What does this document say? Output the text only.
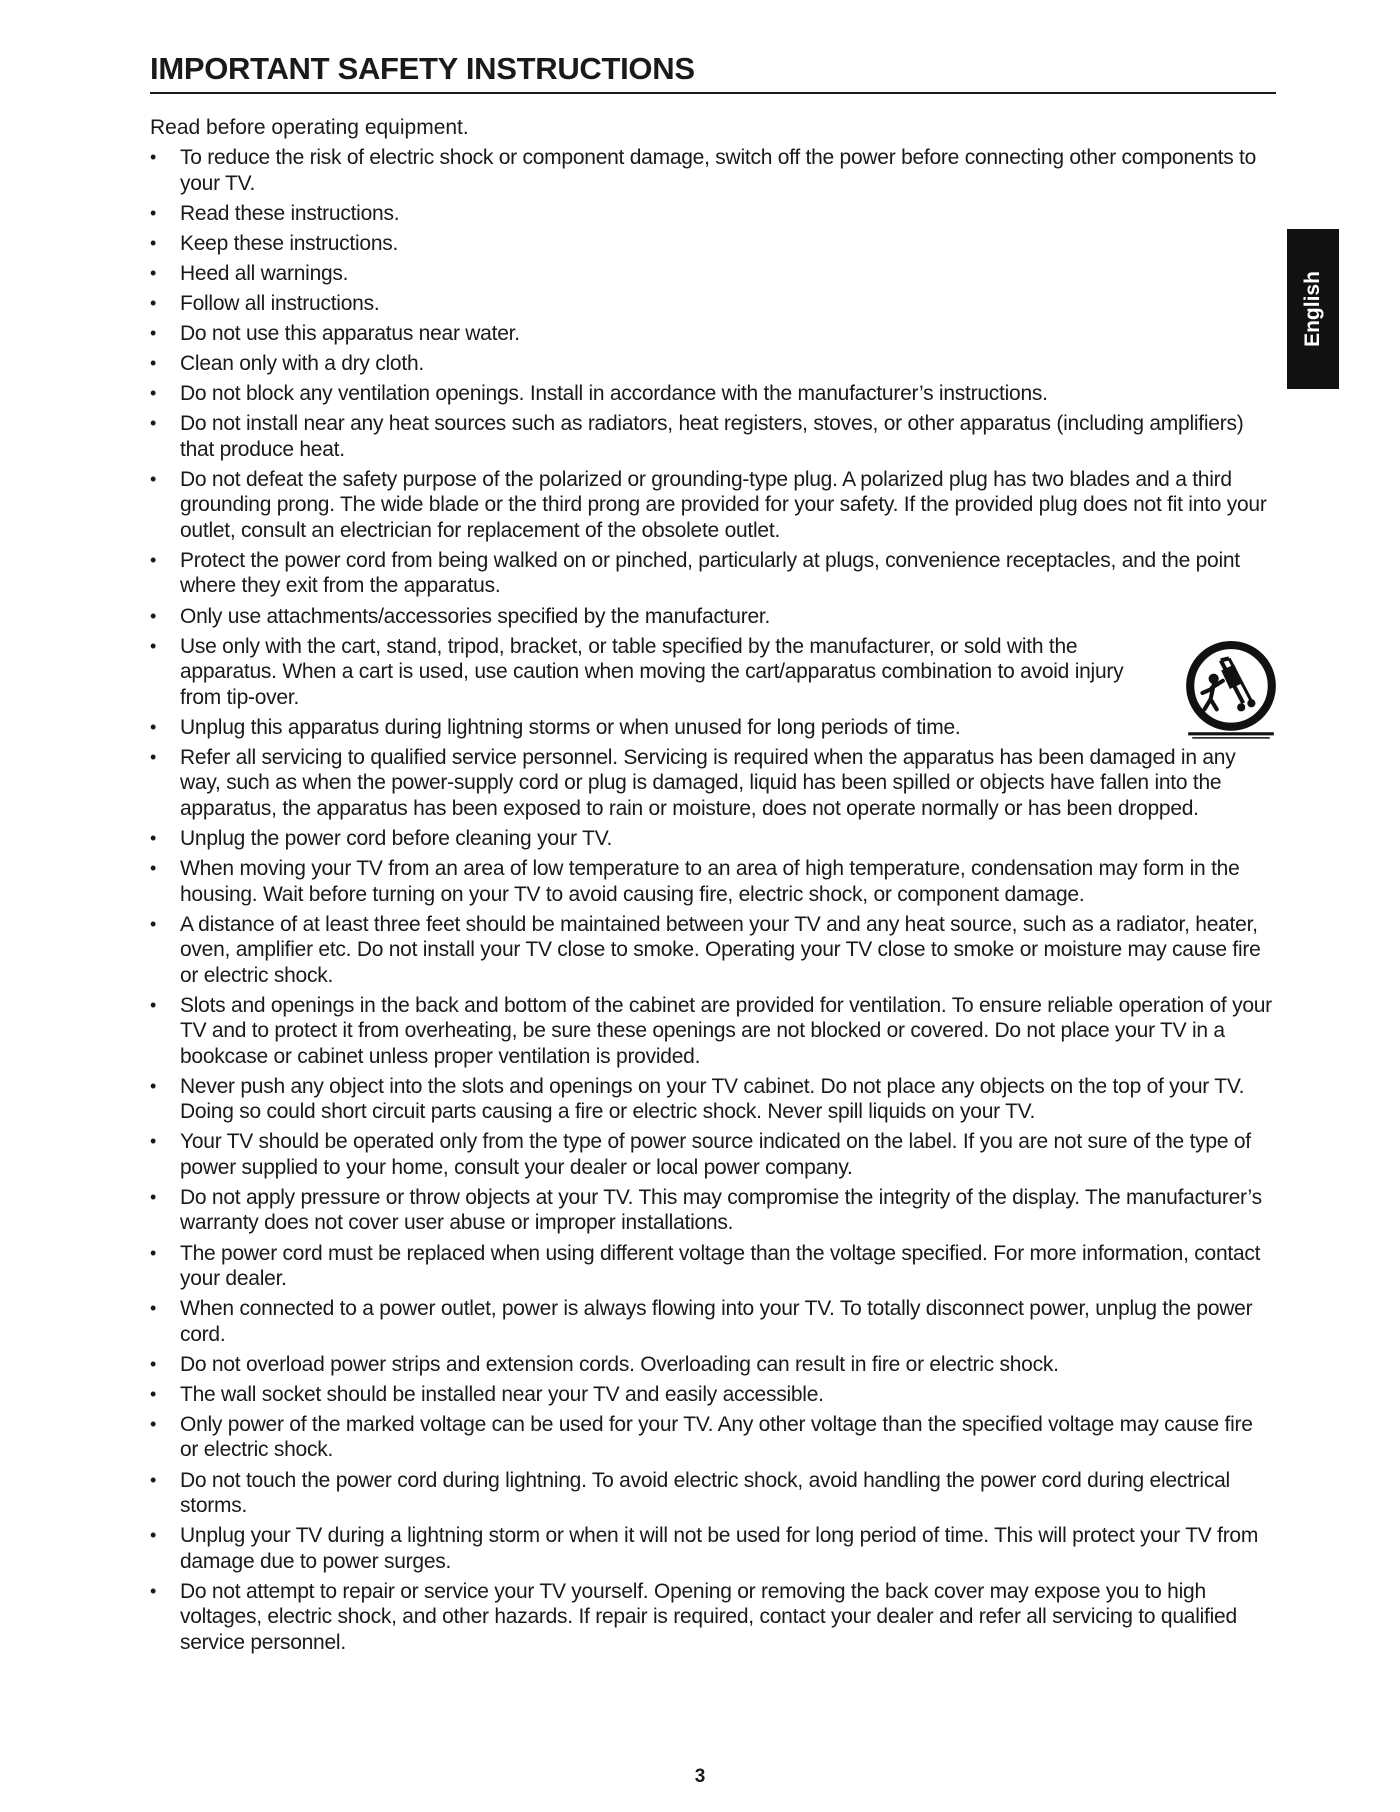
IMPORTANT SAFETY INSTRUCTIONS

Read before operating equipment.

• To reduce the risk of electric shock or component damage, switch off the power before connecting other components to your TV.
• Read these instructions.
• Keep these instructions.
• Heed all warnings.
• Follow all instructions.
• Do not use this apparatus near water.
• Clean only with a dry cloth.
• Do not block any ventilation openings. Install in accordance with the manufacturer’s instructions.
• Do not install near any heat sources such as radiators, heat registers, stoves, or other apparatus (including amplifiers) that produce heat.
• Do not defeat the safety purpose of the polarized or grounding-type plug. A polarized plug has two blades and a third grounding prong. The wide blade or the third prong are provided for your safety. If the provided plug does not fit into your outlet, consult an electrician for replacement of the obsolete outlet.
• Protect the power cord from being walked on or pinched, particularly at plugs, convenience receptacles, and the point where they exit from the apparatus.
• Only use attachments/accessories specified by the manufacturer.
• Use only with the cart, stand, tripod, bracket, or table specified by the manufacturer, or sold with the apparatus. When a cart is used, use caution when moving the cart/apparatus combination to avoid injury from tip-over.
• Unplug this apparatus during lightning storms or when unused for long periods of time.
• Refer all servicing to qualified service personnel. Servicing is required when the apparatus has been damaged in any way, such as when the power-supply cord or plug is damaged, liquid has been spilled or objects have fallen into the apparatus, the apparatus has been exposed to rain or moisture, does not operate normally or has been dropped.
• Unplug the power cord before cleaning your TV.
• When moving your TV from an area of low temperature to an area of high temperature, condensation may form in the housing. Wait before turning on your TV to avoid causing fire, electric shock, or component damage.
• A distance of at least three feet should be maintained between your TV and any heat source, such as a radiator, heater, oven, amplifier etc. Do not install your TV close to smoke. Operating your TV close to smoke or moisture may cause fire or electric shock.
• Slots and openings in the back and bottom of the cabinet are provided for ventilation. To ensure reliable operation of your TV and to protect it from overheating, be sure these openings are not blocked or covered. Do not place your TV in a bookcase or cabinet unless proper ventilation is provided.
• Never push any object into the slots and openings on your TV cabinet. Do not place any objects on the top of your TV. Doing so could short circuit parts causing a fire or electric shock. Never spill liquids on your TV.
• Your TV should be operated only from the type of power source indicated on the label. If you are not sure of the type of power supplied to your home, consult your dealer or local power company.
• Do not apply pressure or throw objects at your TV. This may compromise the integrity of the display. The manufacturer’s warranty does not cover user abuse or improper installations.
• The power cord must be replaced when using different voltage than the voltage specified. For more information, contact your dealer.
• When connected to a power outlet, power is always flowing into your TV. To totally disconnect power, unplug the power cord.
• Do not overload power strips and extension cords. Overloading can result in fire or electric shock.
• The wall socket should be installed near your TV and easily accessible.
• Only power of the marked voltage can be used for your TV. Any other voltage than the specified voltage may cause fire or electric shock.
• Do not touch the power cord during lightning. To avoid electric shock, avoid handling the power cord during electrical storms.
• Unplug your TV during a lightning storm or when it will not be used for long period of time. This will protect your TV from damage due to power surges.
• Do not attempt to repair or service your TV yourself. Opening or removing the back cover may expose you to high voltages, electric shock, and other hazards. If repair is required, contact your dealer and refer all servicing to qualified service personnel.
English
3
